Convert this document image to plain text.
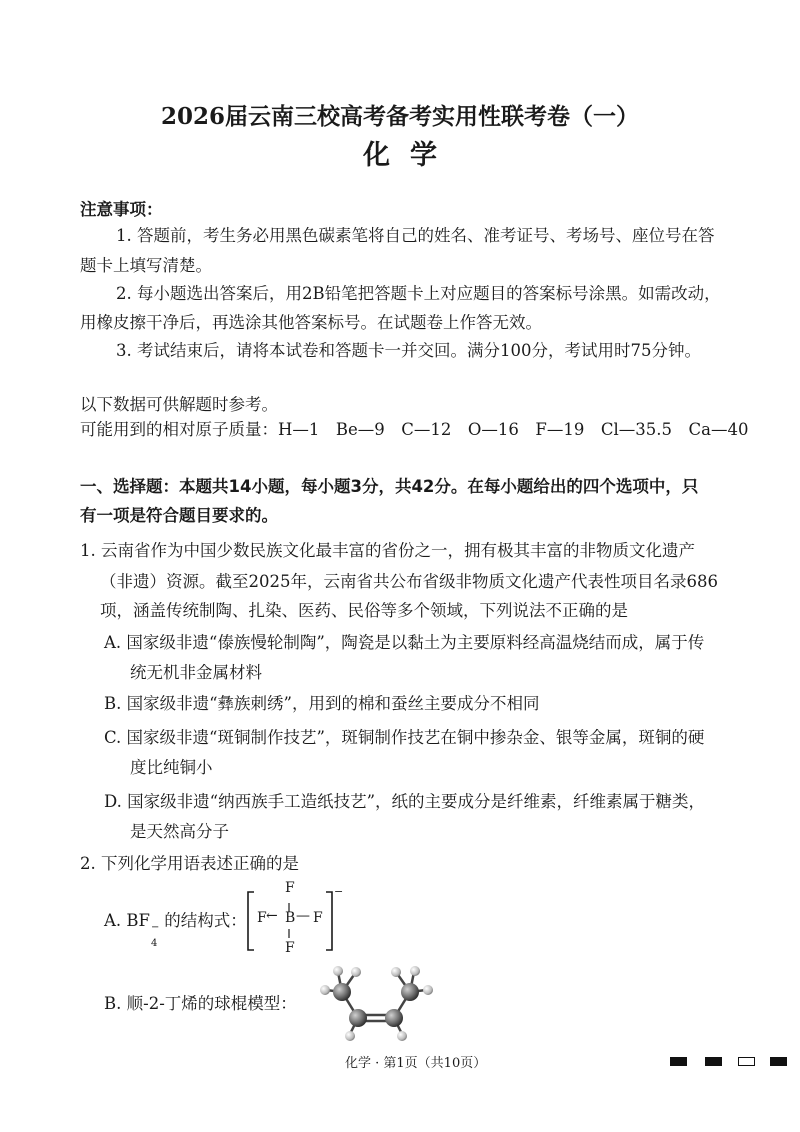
2026届云南三校高考备考实用性联考卷（一）
化学
注意事项：
1. 答题前，考生务必用黑色碳素笔将自己的姓名、准考证号、考场号、座位号在答
题卡上填写清楚。
2. 每小题选出答案后，用2B铅笔把答题卡上对应题目的答案标号涂黑。如需改动，
用橡皮擦干净后，再选涂其他答案标号。在试题卷上作答无效。
3. 考试结束后，请将本试卷和答题卡一并交回。满分100分，考试用时75分钟。
以下数据可供解题时参考。
可能用到的相对原子质量：H—1　Be—9　C—12　O—16　F—19　Cl—35.5　Ca—40
一、选择题：本题共14小题，每小题3分，共42分。在每小题给出的四个选项中，只
有一项是符合题目要求的。
1. 云南省作为中国少数民族文化最丰富的省份之一，拥有极其丰富的非物质文化遗产
（非遗）资源。截至2025年，云南省共公布省级非物质文化遗产代表性项目名录686
项，涵盖传统制陶、扎染、医药、民俗等多个领域，下列说法不正确的是
A. 国家级非遗“傣族慢轮制陶”，陶瓷是以黏土为主要原料经高温烧结而成，属于传
统无机非金属材料
B. 国家级非遗“彝族刺绣”，用到的棉和蚕丝主要成分不相同
C. 国家级非遗“斑铜制作技艺”，斑铜制作技艺在铜中掺杂金、银等金属，斑铜的硬
度比纯铜小
D. 国家级非遗“纳西族手工造纸技艺”，纸的主要成分是纤维素，纤维素属于糖类，
是天然高分子
2. 下列化学用语表述正确的是
A. BF
4
− 的结构式：
F
F ← B — F
F
−
B. 顺-2-丁烯的球棍模型：
化学 · 第1页（共10页）
